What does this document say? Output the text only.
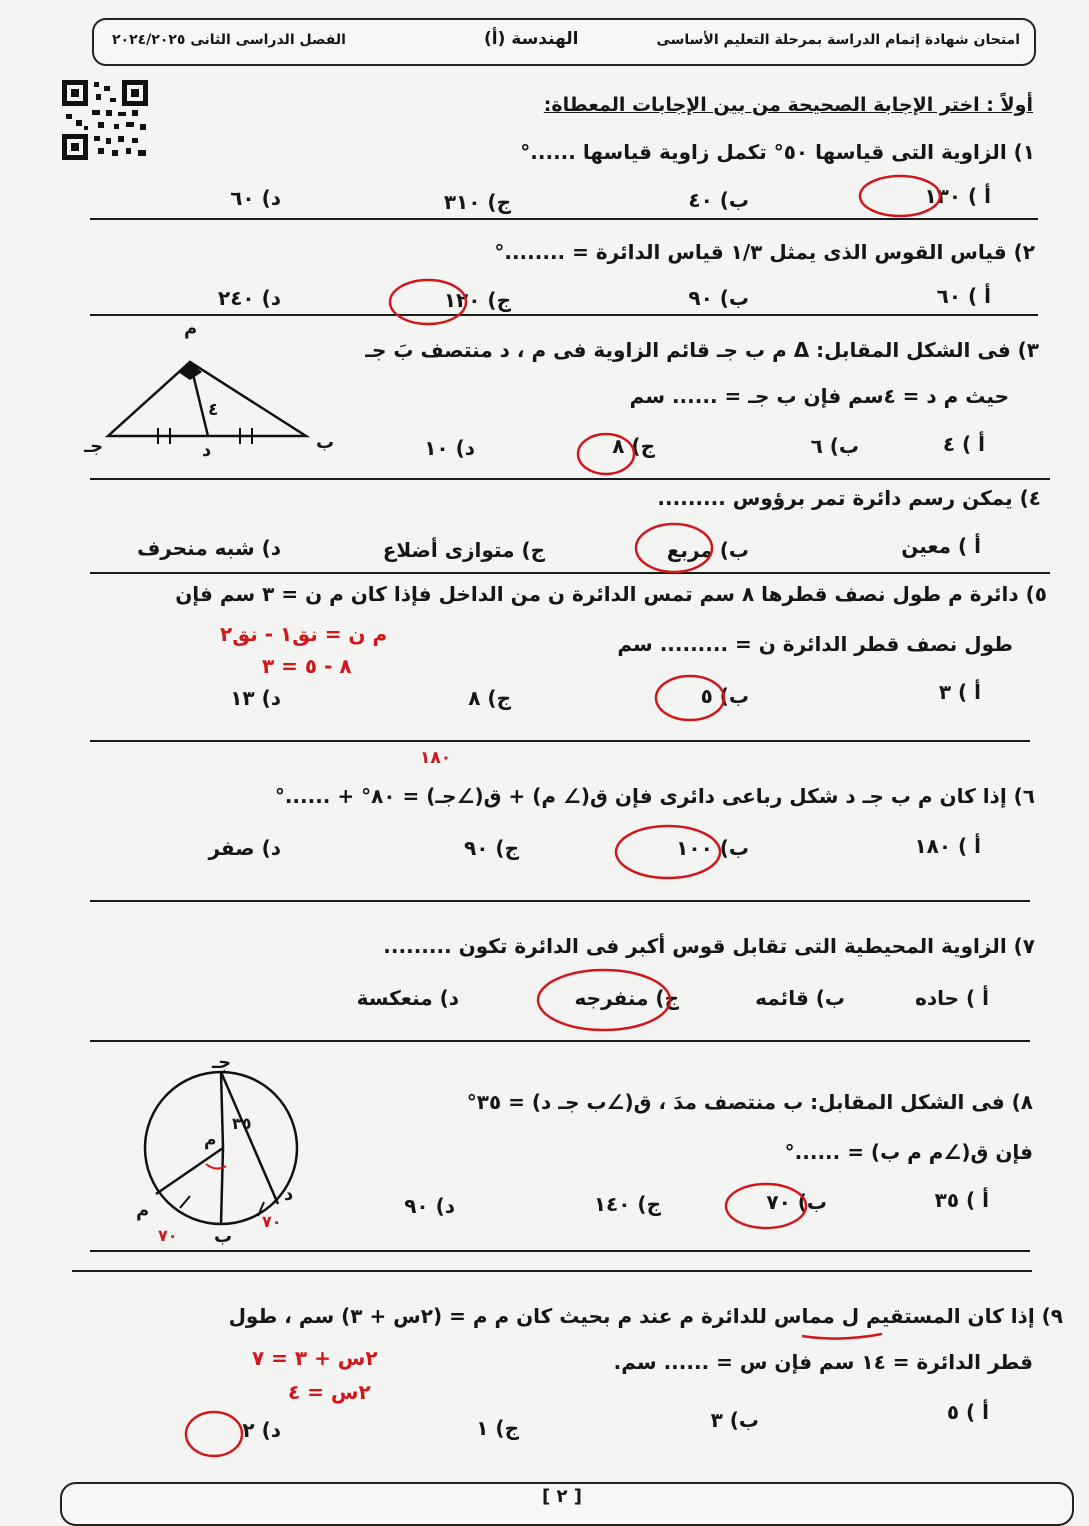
امتحان شهادة إتمام الدراسة بمرحلة التعليم الأساسى
الهندسة (أ)
الفصل الدراسى الثانى ٢٠٢٤/٢٠٢٥
أولاً : اختر الإجابة الصحيحة من بين الإجابات المعطاة:
١) الزاوية التى قياسها ٥٠° تكمل زاوية قياسها ......°
أ ) ١٣٠
ب) ٤٠
ج) ٣١٠
د) ٦٠
٢) قياس القوس الذى يمثل ١/٣ قياس الدائرة = ........°
أ ) ٦٠
ب) ٩٠
ج) ١٢٠
د) ٢٤٠
٣) فى الشكل المقابل: Δ م ب جـ قائم الزاوية فى م ، د منتصف بَ جـ
حيث م د = ٤سم فإن ب جـ = ...... سم
أ ) ٤
ب) ٦
ج) ٨
د) ١٠
م
جـ	ب
د
٤
٤) يمكن رسم دائرة تمر برؤوس .........
أ ) معين
ب) مربع
ج) متوازى أضلاع
د) شبه منحرف
٥) دائرة م طول نصف قطرها ٨ سم تمس الدائرة ن من الداخل فإذا كان م ن = ٣ سم فإن
طول نصف قطر الدائرة ن = ......... سم
أ ) ٣
ب) ٥
ج) ٨
د) ١٣
م ن = نق١ - نق٢
٨ - ٥ = ٣
١٨٠
٦) إذا كان م ب جـ د شكل رباعى دائرى فإن ق(∠ م) + ق(∠جـ) = ٨٠° + ......°
أ ) ١٨٠
ب) ١٠٠
ج) ٩٠
د) صفر
٧) الزاوية المحيطية التى تقابل قوس أكبر فى الدائرة تكون .........
أ ) حاده
ب) قائمه
ج) منفرجه
د) منعكسة
٨) فى الشكل المقابل: ب منتصف مدَ ، ق(∠ب جـ د) = ٣٥°
فإن ق(∠م م ب) = ......°
أ ) ٣٥
ب) ٧٠
ج) ١٤٠
د) ٩٠
جـ
م
٣٥
م
د
ب
٧٠
٧٠
٩) إذا كان المستقيم ل مماس للدائرة م عند م بحيث كان م م = (٢س + ٣) سم ، طول
قطر الدائرة = ١٤ سم فإن س = ...... سم.
٢س + ٣ = ٧
٢س = ٤
أ ) ٥
ب) ٣
ج) ١
د) ٢
[ ٢ ]
